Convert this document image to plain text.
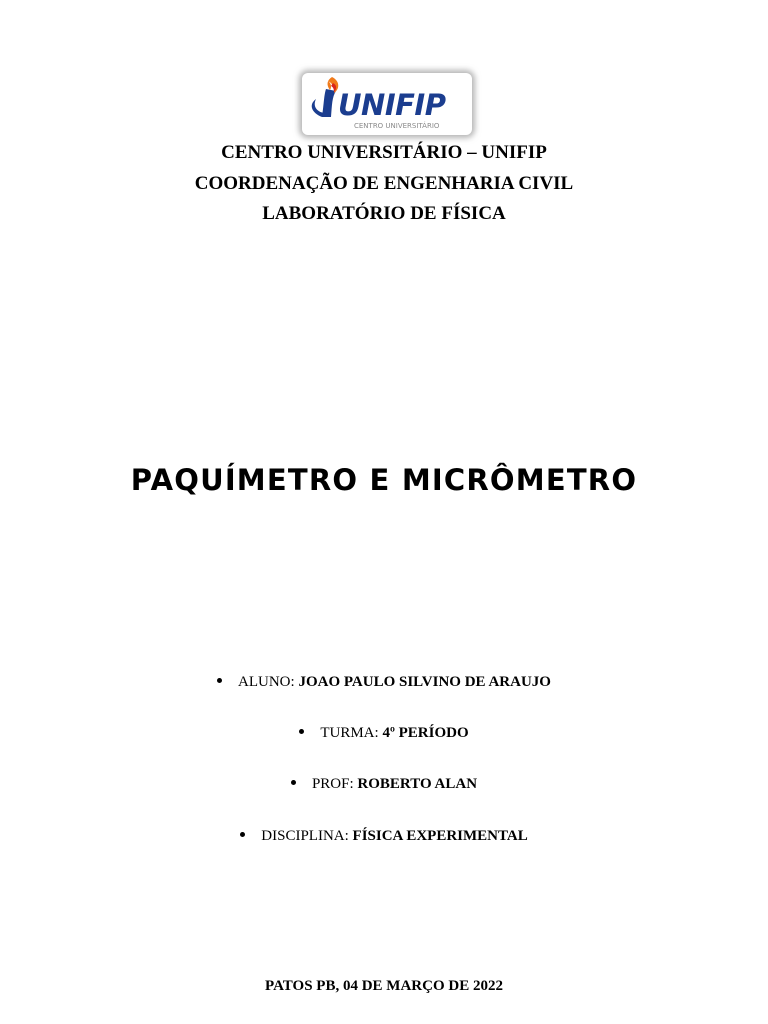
UNIFIP
CENTRO UNIVERSITÁRIO
CENTRO UNIVERSITÁRIO – UNIFIP
COORDENAÇÃO DE ENGENHARIA CIVIL
LABORATÓRIO DE FÍSICA
PAQUÍMETRO E MICRÔMETRO
ALUNO: JOAO PAULO SILVINO DE ARAUJO
TURMA: 4º PERÍODO
PROF: ROBERTO ALAN
DISCIPLINA: FÍSICA EXPERIMENTAL
PATOS PB, 04 DE MARÇO DE 2022
